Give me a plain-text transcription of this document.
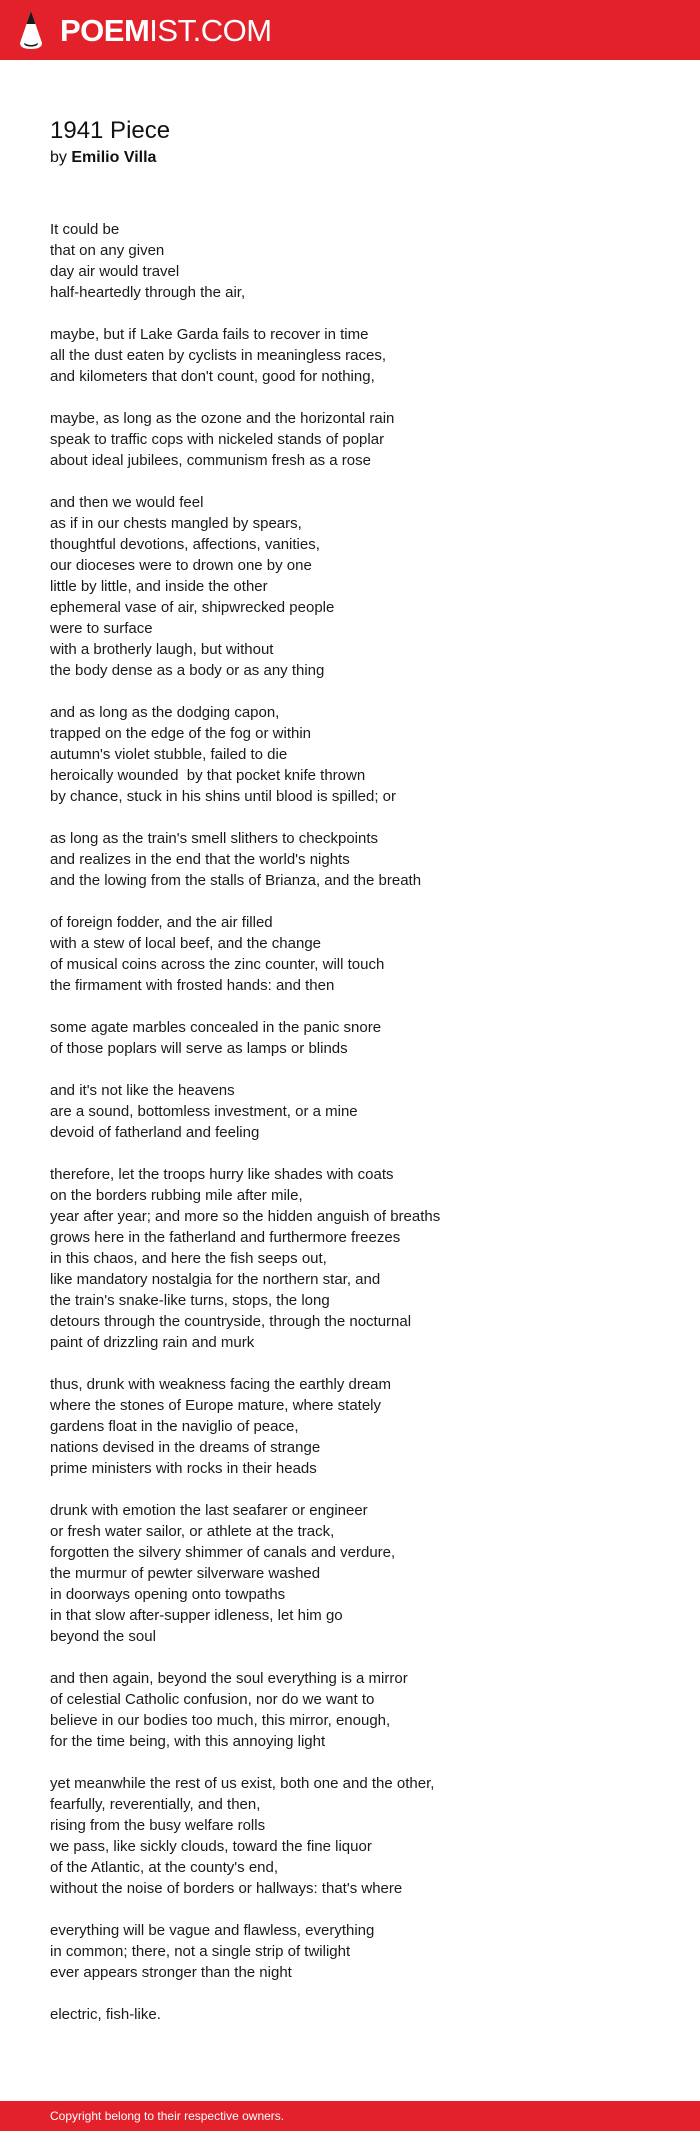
POEMIST.COM
1941 Piece
by Emilio Villa
It could be
that on any given
day air would travel
half-heartedly through the air,
maybe, but if Lake Garda fails to recover in time
all the dust eaten by cyclists in meaningless races,
and kilometers that don't count, good for nothing,
maybe, as long as the ozone and the horizontal rain
speak to traffic cops with nickeled stands of poplar
about ideal jubilees, communism fresh as a rose
and then we would feel
as if in our chests mangled by spears,
thoughtful devotions, affections, vanities,
our dioceses were to drown one by one
little by little, and inside the other
ephemeral vase of air, shipwrecked people
were to surface
with a brotherly laugh, but without
the body dense as a body or as any thing
and as long as the dodging capon,
trapped on the edge of the fog or within
autumn's violet stubble, failed to die
heroically wounded  by that pocket knife thrown
by chance, stuck in his shins until blood is spilled; or
as long as the train's smell slithers to checkpoints
and realizes in the end that the world's nights
and the lowing from the stalls of Brianza, and the breath
of foreign fodder, and the air filled
with a stew of local beef, and the change
of musical coins across the zinc counter, will touch
the firmament with frosted hands: and then
some agate marbles concealed in the panic snore
of those poplars will serve as lamps or blinds
and it's not like the heavens
are a sound, bottomless investment, or a mine
devoid of fatherland and feeling
therefore, let the troops hurry like shades with coats
on the borders rubbing mile after mile,
year after year; and more so the hidden anguish of breaths
grows here in the fatherland and furthermore freezes
in this chaos, and here the fish seeps out,
like mandatory nostalgia for the northern star, and
the train's snake-like turns, stops, the long
detours through the countryside, through the nocturnal
paint of drizzling rain and murk
thus, drunk with weakness facing the earthly dream
where the stones of Europe mature, where stately
gardens float in the naviglio of peace,
nations devised in the dreams of strange
prime ministers with rocks in their heads
drunk with emotion the last seafarer or engineer
or fresh water sailor, or athlete at the track,
forgotten the silvery shimmer of canals and verdure,
the murmur of pewter silverware washed
in doorways opening onto towpaths
in that slow after-supper idleness, let him go
beyond the soul
and then again, beyond the soul everything is a mirror
of celestial Catholic confusion, nor do we want to
believe in our bodies too much, this mirror, enough,
for the time being, with this annoying light
yet meanwhile the rest of us exist, both one and the other,
fearfully, reverentially, and then,
rising from the busy welfare rolls
we pass, like sickly clouds, toward the fine liquor
of the Atlantic, at the county's end,
without the noise of borders or hallways: that's where
everything will be vague and flawless, everything
in common; there, not a single strip of twilight
ever appears stronger than the night
electric, fish-like.
Copyright belong to their respective owners.
